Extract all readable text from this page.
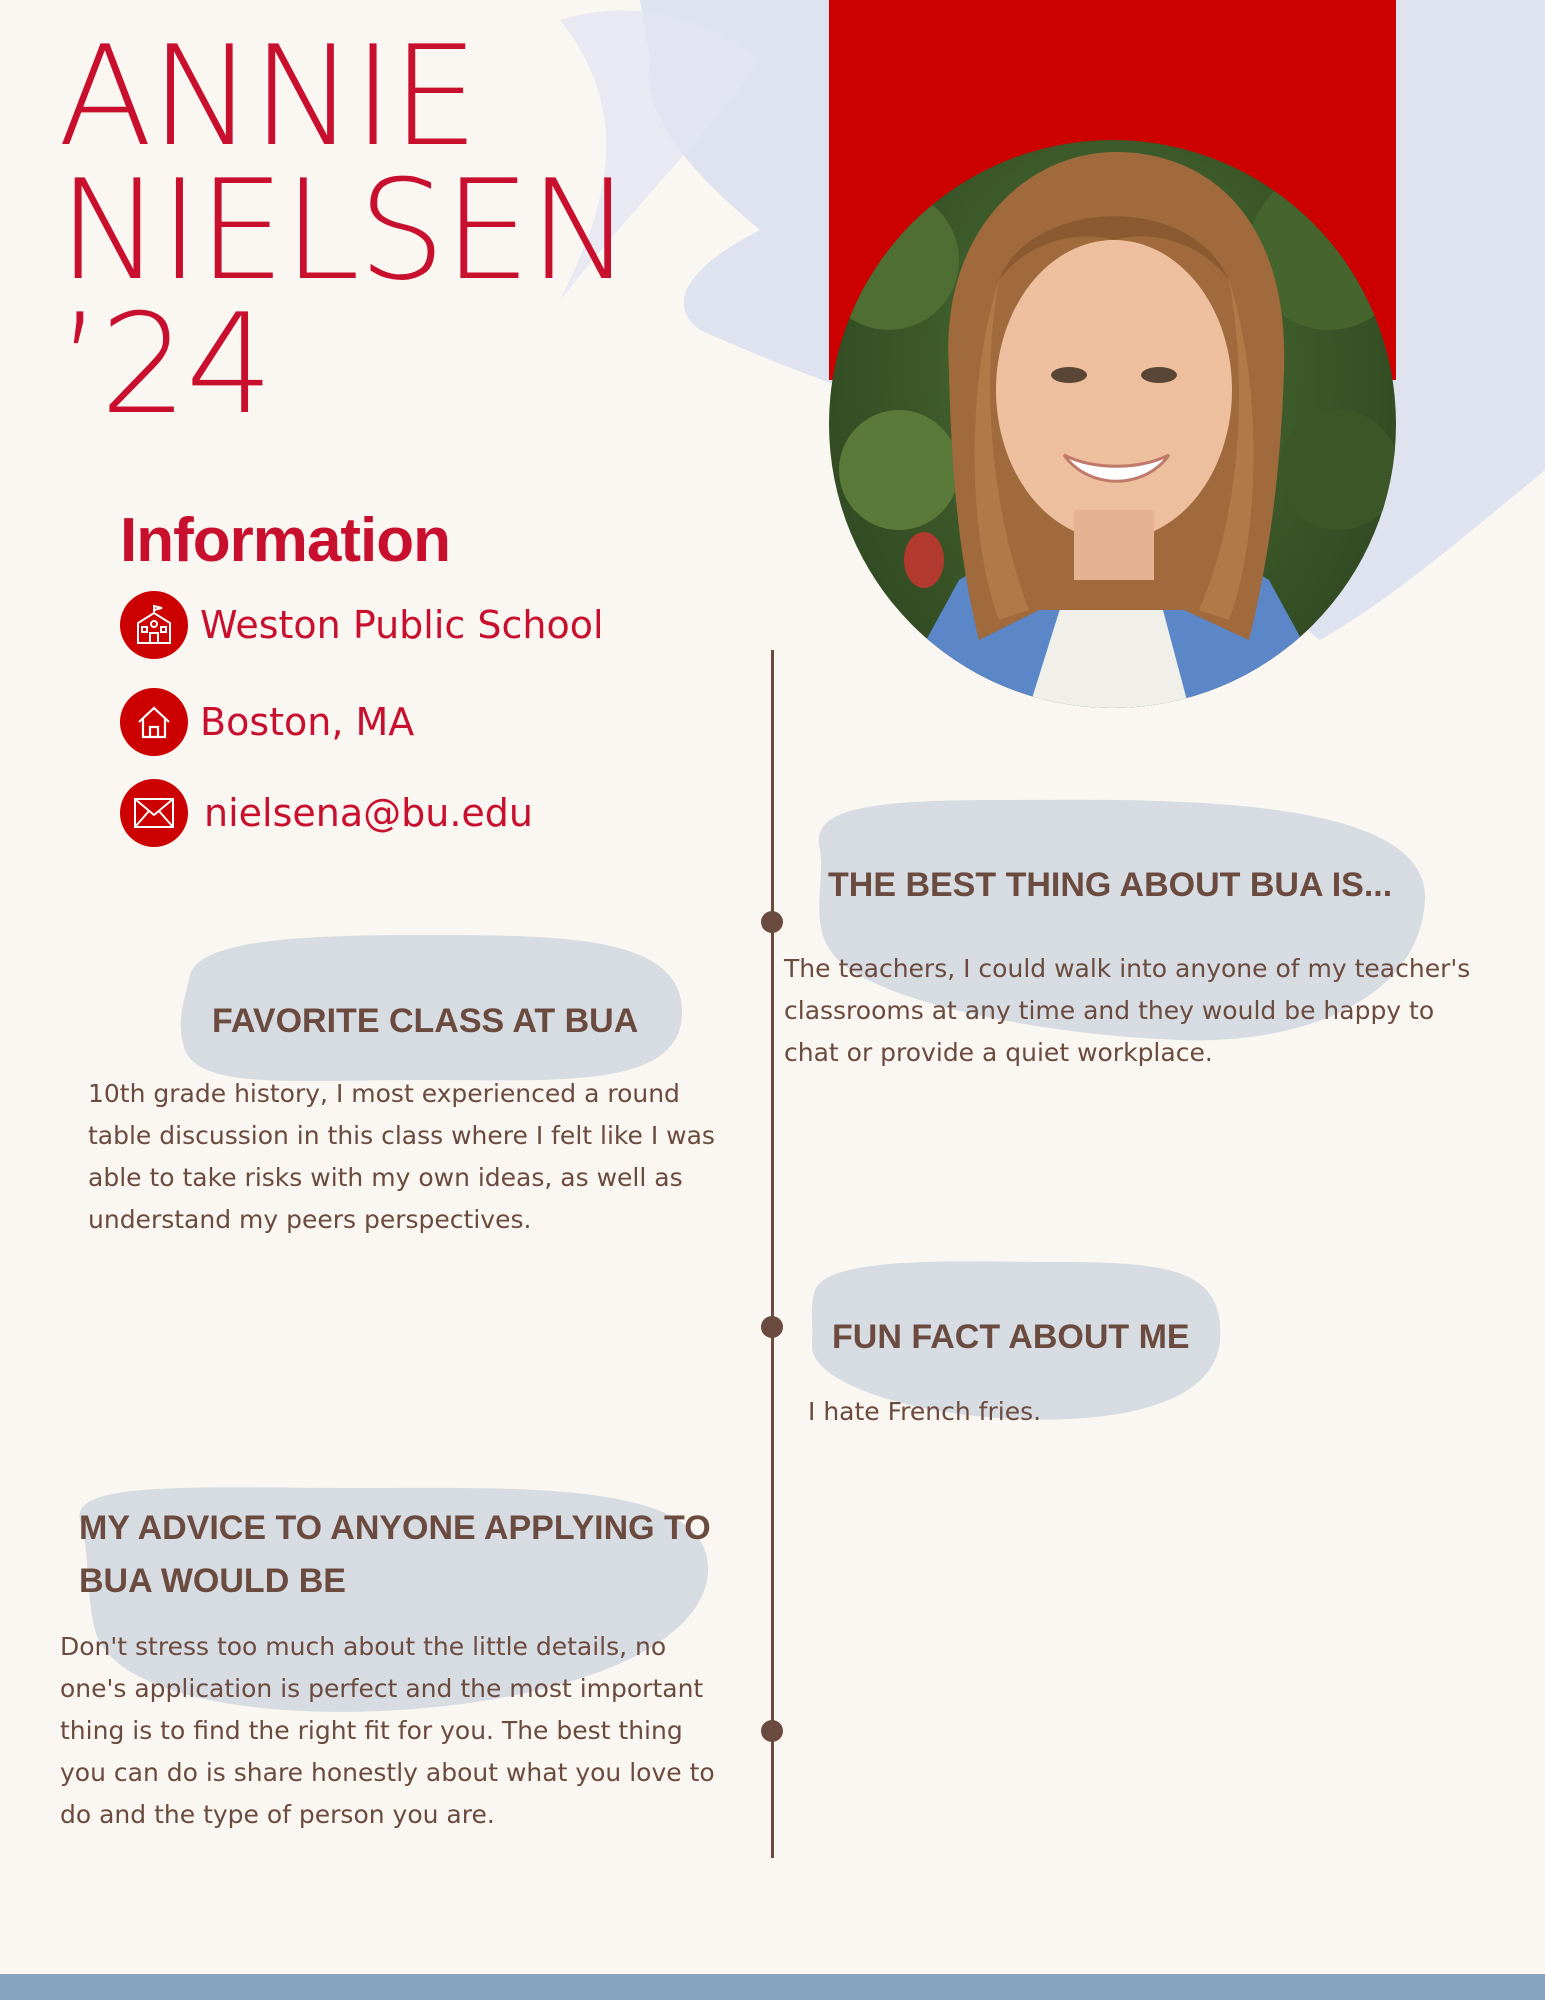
ANNIE
NIELSEN
’24
Information
Weston Public School
Boston, MA
nielsena@bu.edu
THE BEST THING ABOUT BUA IS...
The teachers, I could walk into anyone of my teacher's
classrooms at any time and they would be happy to
chat or provide a quiet workplace.
FAVORITE CLASS AT BUA
10th grade history, I most experienced a round
table discussion in this class where I felt like I was
able to take risks with my own ideas, as well as
understand my peers perspectives.
FUN FACT ABOUT ME
I hate French fries.
MY ADVICE TO ANYONE APPLYING TO
BUA WOULD BE
Don't stress too much about the little details, no
one's application is perfect and the most important
thing is to find the right fit for you. The best thing
you can do is share honestly about what you love to
do and the type of person you are.
